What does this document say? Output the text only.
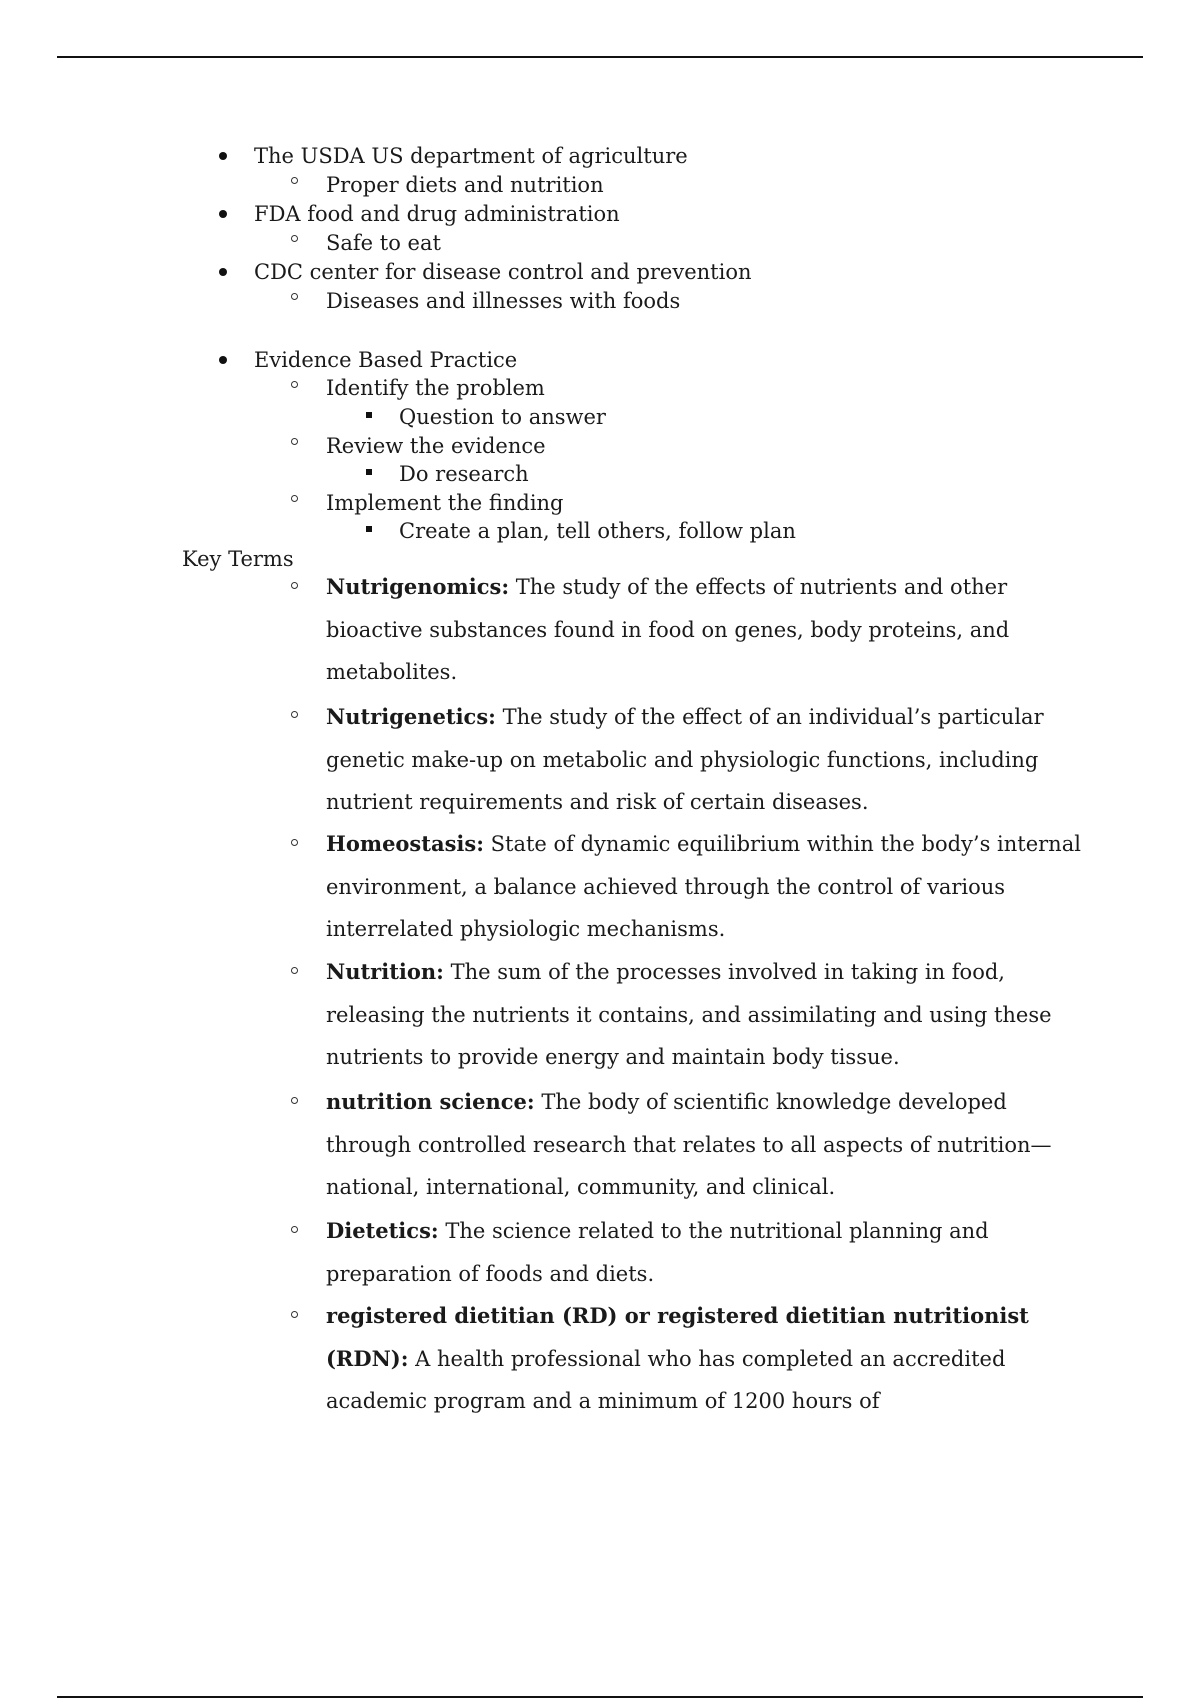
The USDA US department of agriculture
Proper diets and nutrition
FDA food and drug administration
Safe to eat
CDC center for disease control and prevention
Diseases and illnesses with foods
Evidence Based Practice
Identify the problem
Question to answer
Review the evidence
Do research
Implement the finding
Create a plan, tell others, follow plan
Key Terms
Nutrigenomics: The study of the effects of nutrients and other bioactive substances found in food on genes, body proteins, and metabolites.
Nutrigenetics: The study of the effect of an individual’s particular genetic make-up on metabolic and physiologic functions, including nutrient requirements and risk of certain diseases.
Homeostasis: State of dynamic equilibrium within the body’s internal environment, a balance achieved through the control of various interrelated physiologic mechanisms.
Nutrition: The sum of the processes involved in taking in food, releasing the nutrients it contains, and assimilating and using these nutrients to provide energy and maintain body tissue.
nutrition science: The body of scientific knowledge developed through controlled research that relates to all aspects of nutrition—national, international, community, and clinical.
Dietetics: The science related to the nutritional planning and preparation of foods and diets.
registered dietitian (RD) or registered dietitian nutritionist (RDN): A health professional who has completed an accredited academic program and a minimum of 1200 hours of
